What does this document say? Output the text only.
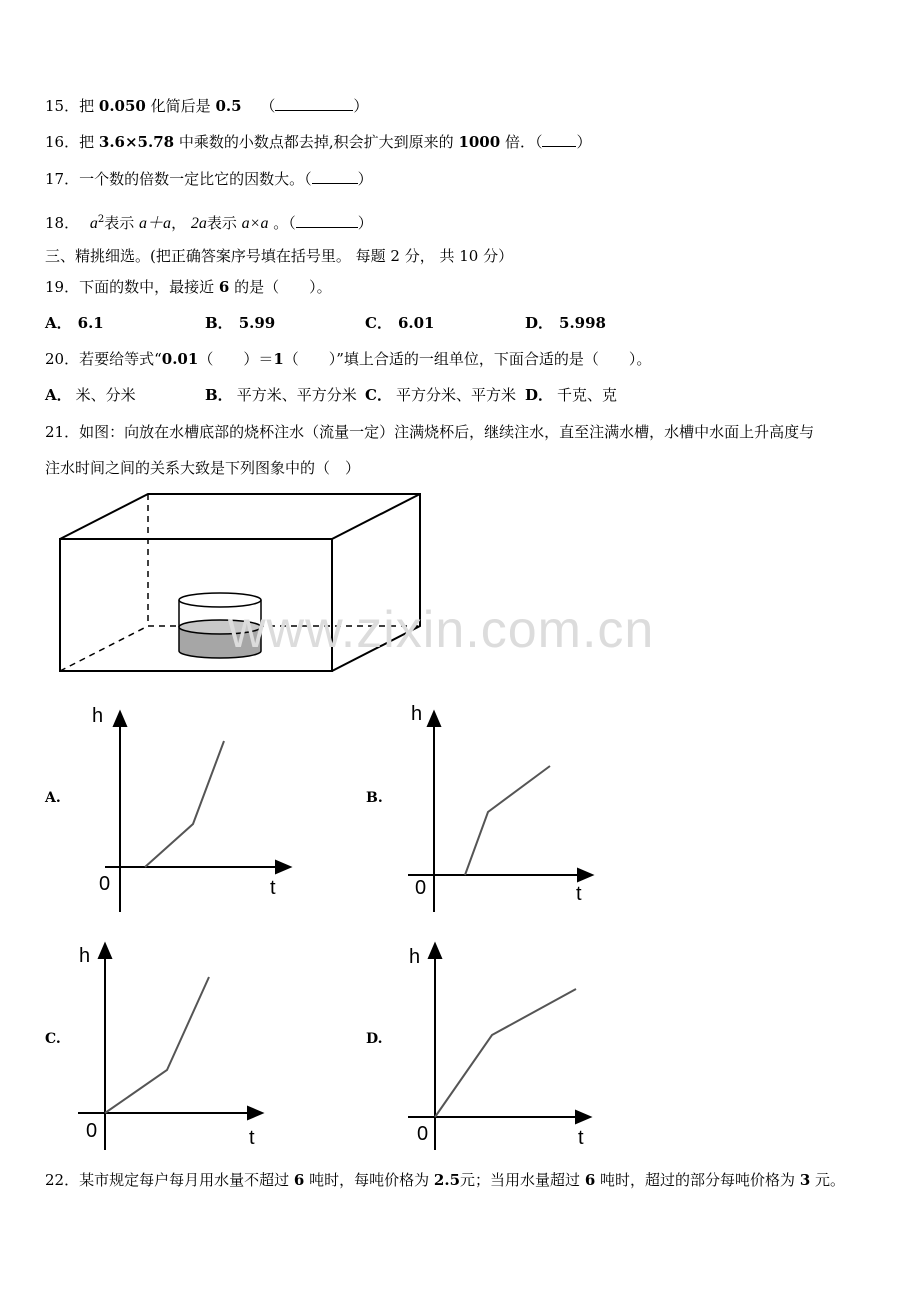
15．把 0.050 化简后是 0.5 （	）
16．把 3.6×5.78 中乘数的小数点都去掉,积会扩大到原来的 1000 倍．（ ）
17．一个数的倍数一定比它的因数大。（	）
18． $a^2$表示 a＋a， 2a表示 a×a 。（	）
三、精挑细选。(把正确答案序号填在括号里。 每题 2 分， 共 10 分）
19．下面的数中，最接近 6 的是（　　）。
A． 6.1	B． 5.99	C． 6.01	D． 5.998
20．若要给等式“0.01（　　）＝1（　　）”填上合适的一组单位，下面合适的是（　　）。
A． 米、分米	B． 平方米、平方分米 C． 平方分米、平方米 D． 千克、克
21．如图：向放在水槽底部的烧杯注水（流量一定）注满烧杯后，继续注水，直至注满水槽，水槽中水面上升高度与
注水时间之间的关系大致是下列图象中的（　）
www.zixin.com.cn
A.	B.
C.	D.
h
t
0
h
t
0
h
t
0
h
t
0
22．某市规定每户每月用水量不超过 6 吨时，每吨价格为 2.5元；当用水量超过 6 吨时，超过的部分每吨价格为 3 元。
